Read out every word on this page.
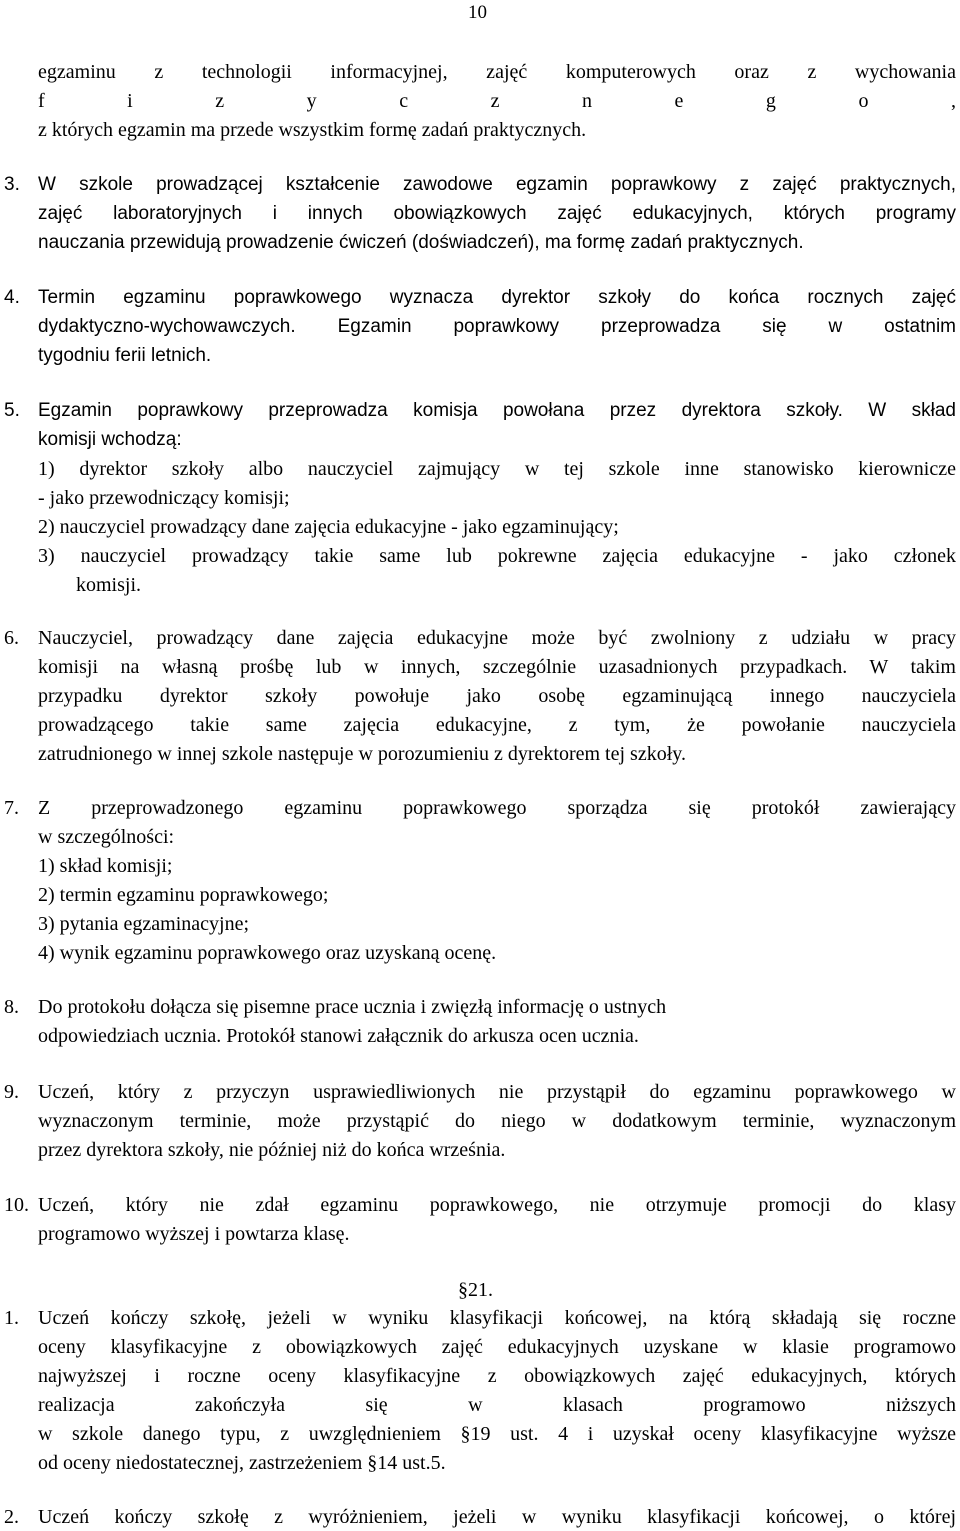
10
egzaminu z technologii informacyjnej, zajęć komputerowych oraz z wychowania
f i z y c z n e g o ,
z których egzamin ma przede wszystkim formę zadań praktycznych.
3. W szkole prowadzącej kształcenie zawodowe egzamin poprawkowy z zajęć praktycznych,
zajęć laboratoryjnych i innych obowiązkowych zajęć edukacyjnych, których programy
nauczania przewidują prowadzenie ćwiczeń (doświadczeń), ma formę zadań praktycznych.
4. Termin egzaminu poprawkowego wyznacza dyrektor szkoły do końca rocznych zajęć
dydaktyczno-wychowawczych. Egzamin poprawkowy przeprowadza się w ostatnim
tygodniu ferii letnich.
5. Egzamin poprawkowy przeprowadza komisja powołana przez dyrektora szkoły. W skład
komisji wchodzą:
1) dyrektor szkoły albo nauczyciel zajmujący w tej szkole inne stanowisko kierownicze
- jako przewodniczący komisji;
2) nauczyciel prowadzący dane zajęcia edukacyjne - jako egzaminujący;
3) nauczyciel prowadzący takie same lub pokrewne zajęcia edukacyjne - jako członek
komisji.
6. Nauczyciel, prowadzący dane zajęcia edukacyjne może być zwolniony z udziału w pracy
komisji na własną prośbę lub w innych, szczególnie uzasadnionych przypadkach. W takim
przypadku dyrektor szkoły powołuje jako osobę egzaminującą innego nauczyciela
prowadzącego takie same zajęcia edukacyjne, z tym, że powołanie nauczyciela
zatrudnionego w innej szkole następuje w porozumieniu z dyrektorem tej szkoły.
7. Z przeprowadzonego egzaminu poprawkowego sporządza się protokół zawierający
w szczególności:
1) skład komisji;
2) termin egzaminu poprawkowego;
3) pytania egzaminacyjne;
4) wynik egzaminu poprawkowego oraz uzyskaną ocenę.
8. Do protokołu dołącza się pisemne prace ucznia i zwięzłą informację o ustnych
odpowiedziach ucznia. Protokół stanowi załącznik do arkusza ocen ucznia.
9. Uczeń, który z przyczyn usprawiedliwionych nie przystąpił do egzaminu poprawkowego w
wyznaczonym terminie, może przystąpić do niego w dodatkowym terminie, wyznaczonym
przez dyrektora szkoły, nie później niż do końca września.
10. Uczeń, który nie zdał egzaminu poprawkowego, nie otrzymuje promocji do klasy
programowo wyższej i powtarza klasę.
§21.
1. Uczeń kończy szkołę, jeżeli w wyniku klasyfikacji końcowej, na którą składają się roczne
oceny klasyfikacyjne z obowiązkowych zajęć edukacyjnych uzyskane w klasie programowo
najwyższej i roczne oceny klasyfikacyjne z obowiązkowych zajęć edukacyjnych, których
realizacja zakończyła się w klasach programowo niższych
w szkole danego typu, z uwzględnieniem §19 ust. 4 i uzyskał oceny klasyfikacyjne wyższe
od oceny niedostatecznej, zastrzeżeniem §14 ust.5.
2. Uczeń kończy szkołę z wyróżnieniem, jeżeli w wyniku klasyfikacji końcowej, o której
